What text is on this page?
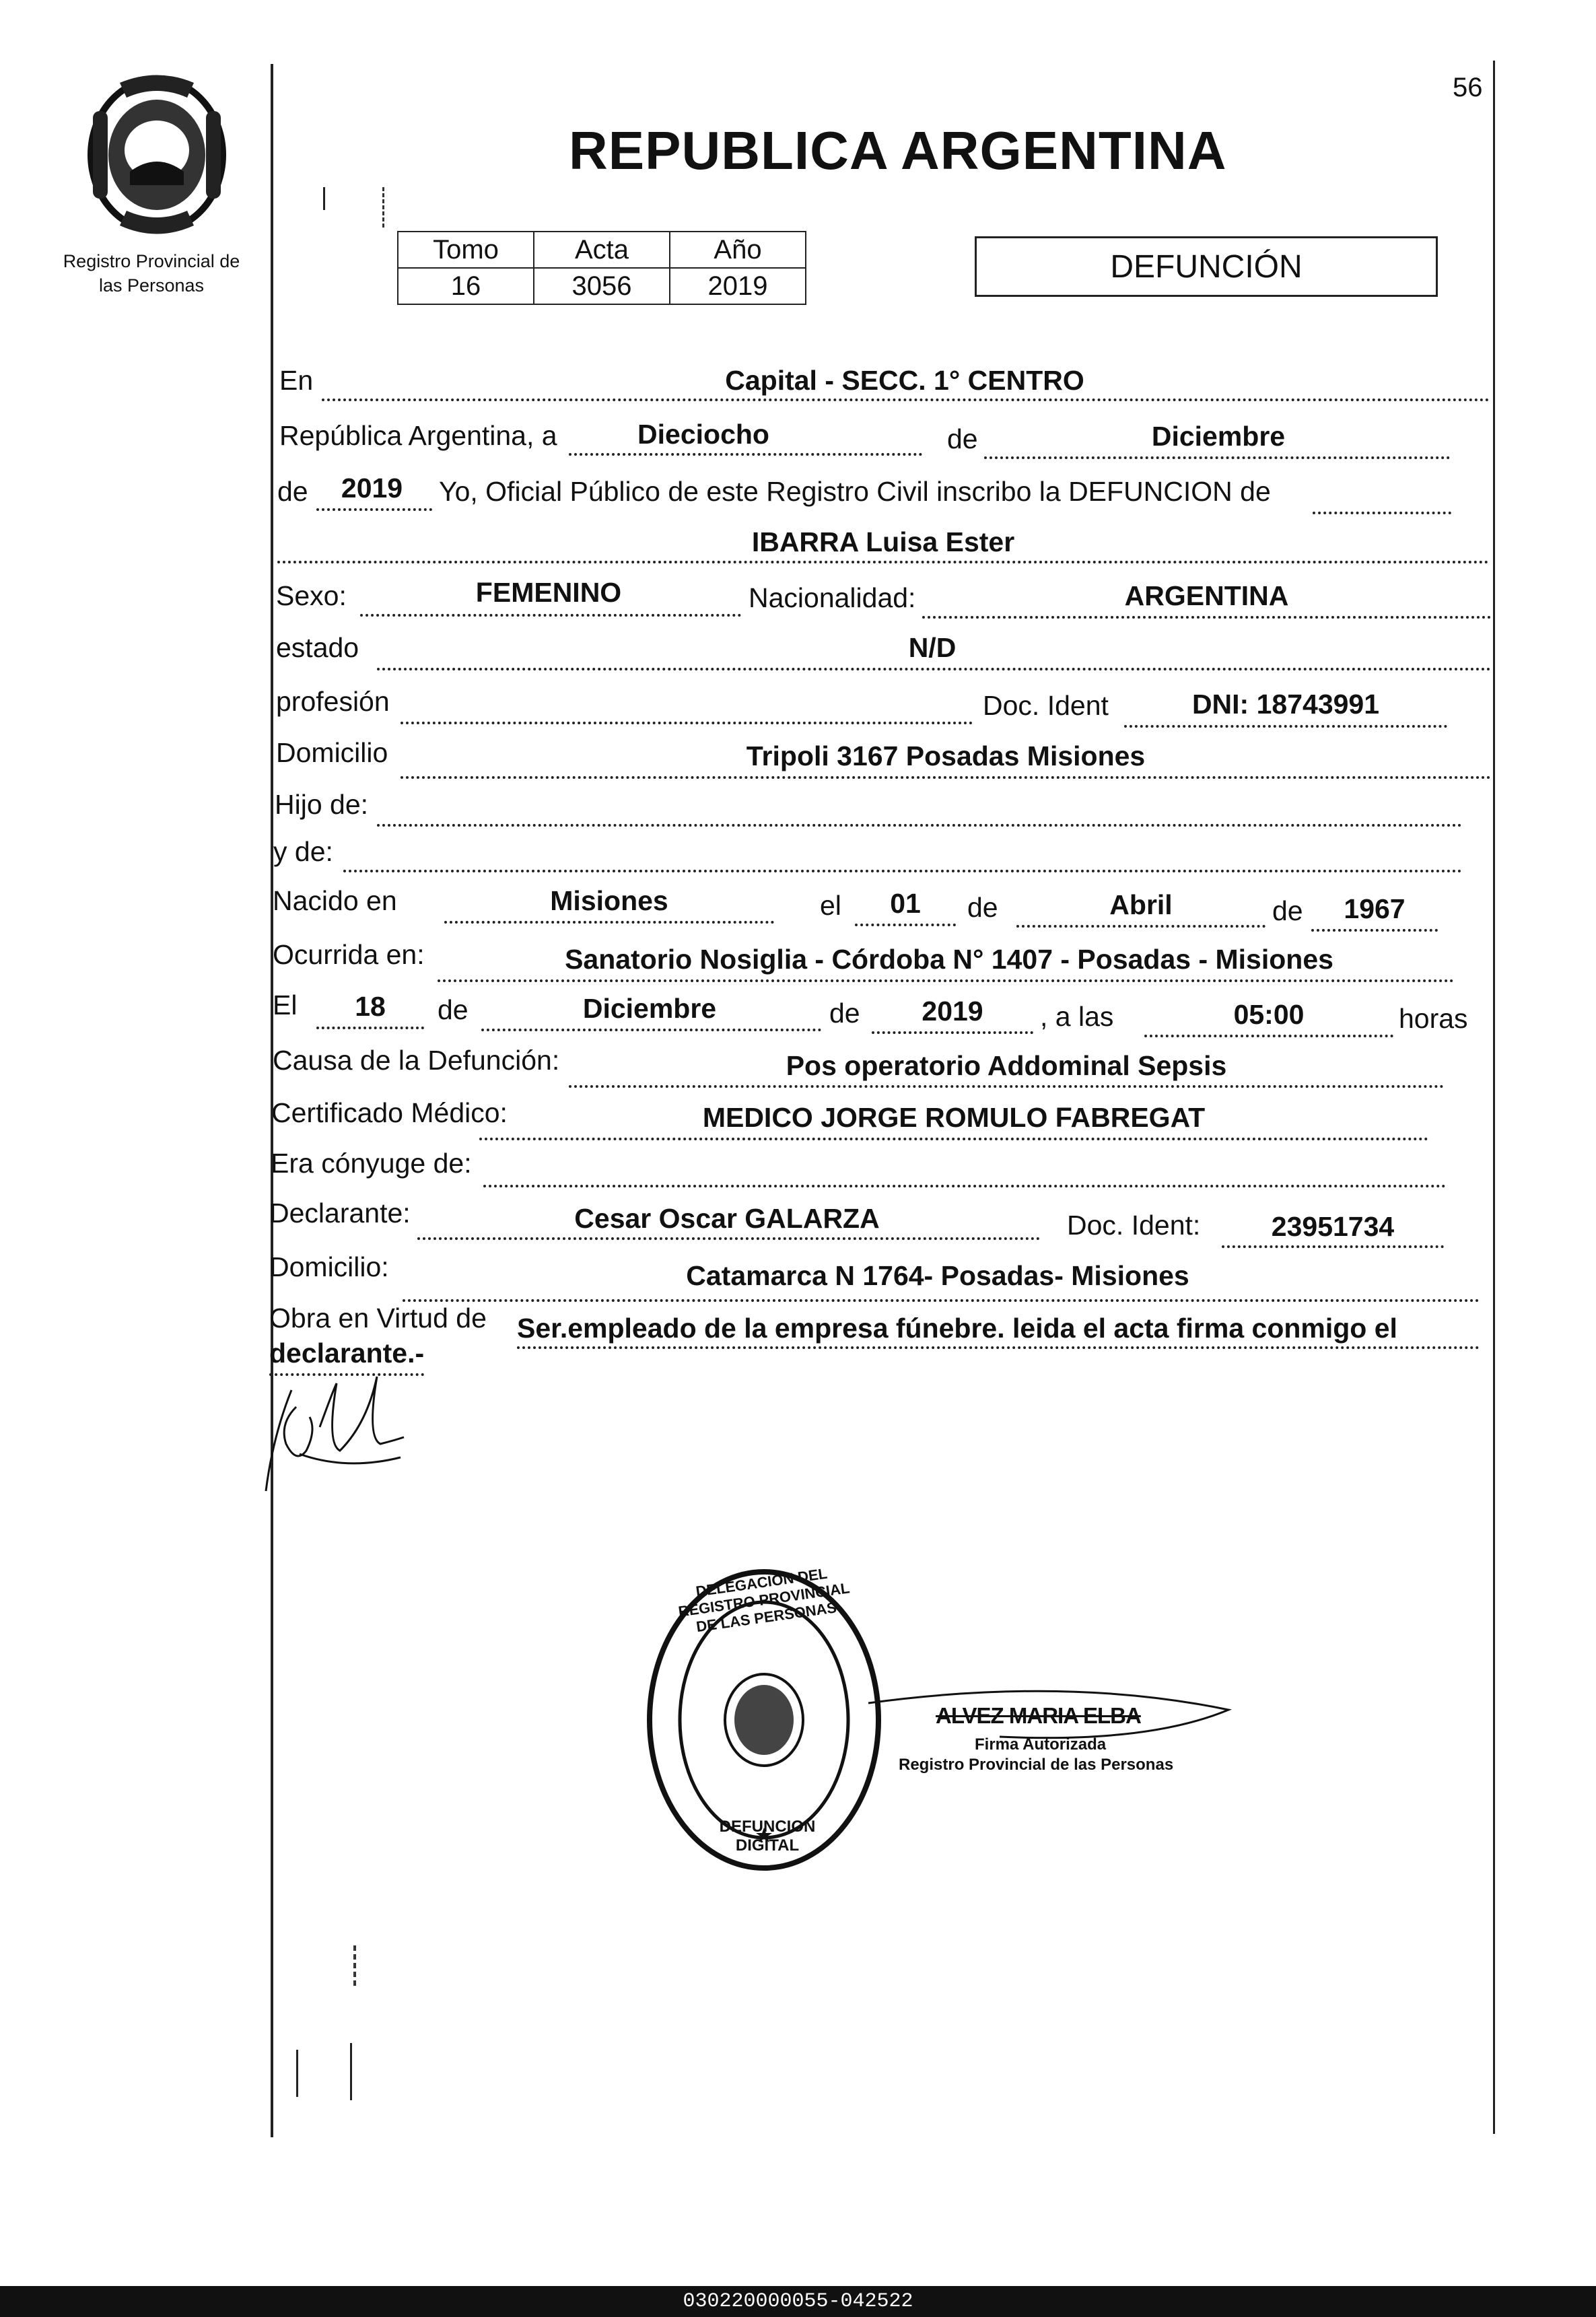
56
Registro Provincial de
las Personas
REPUBLICA ARGENTINA
Tomo	Acta	Año
16	3056	2019
DEFUNCIÓN
En	Capital - SECC. 1° CENTRO
República Argentina, a	Dieciocho	de	Diciembre
de	2019	Yo, Oficial Público de este Registro Civil inscribo la DEFUNCION de
IBARRA Luisa Ester
Sexo:	FEMENINO	Nacionalidad:	ARGENTINA
estado	N/D
profesión	Doc. Ident	DNI: 18743991
Domicilio	Tripoli 3167 Posadas Misiones
Hijo de:
y de:
Nacido en	Misiones	el	01	de	Abril	de	1967
Ocurrida en:	Sanatorio Nosiglia - Córdoba N° 1407 - Posadas - Misiones
El	18	de	Diciembre	de	2019	, a las	05:00	horas
Causa de la Defunción:	Pos operatorio Addominal Sepsis
Certificado Médico:	MEDICO JORGE ROMULO FABREGAT
Era cónyuge de:
Declarante:	Cesar Oscar GALARZA	Doc. Ident:	23951734
Domicilio:	Catamarca N 1764- Posadas- Misiones
Obra en Virtud de Ser.empleado de la empresa fúnebre. leida el acta firma conmigo el
declarante.-
DELEGACION DEL REGISTRO PROVINCIAL DE LAS PERSONAS
DEFUNCION DIGITAL
ALVEZ MARIA ELBA
Firma Autorizada
Registro Provincial de las Personas
030220000055-042522
